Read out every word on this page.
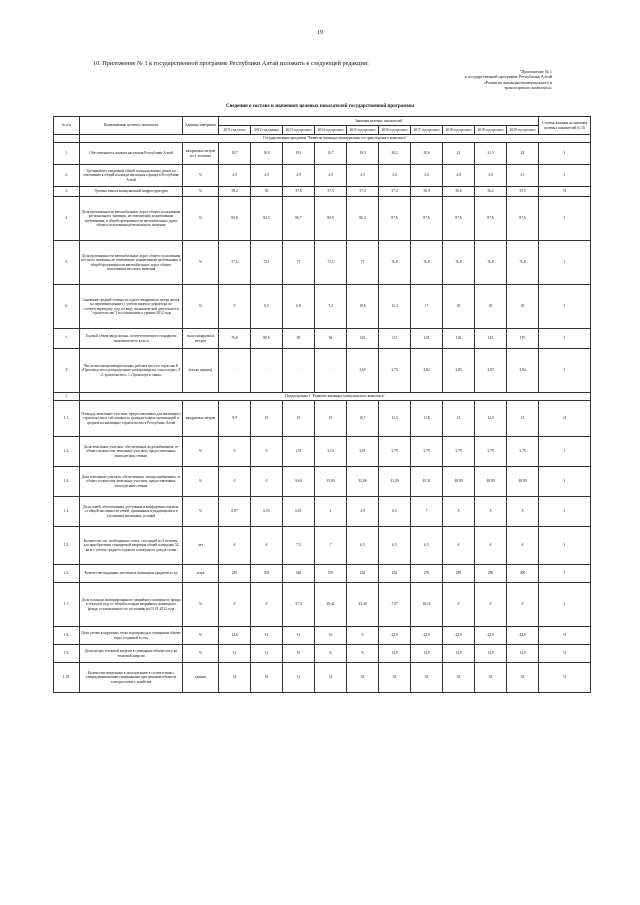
19
10. Приложение № 1 к государственной программе Республики Алтай изложить в следующей редакции:
"Приложение № 1
к государственной программе Республики Алтай
«Развитие жилищно-коммунального и
транспортного комплекса»
Сведения о составе и значениях целевых показателей государственной программы
№ п/п	Наименование целевого показателя	Единица измерения	Значения целевых показателей										Степень влияния на значения целевых показателей (I, II)
			2011 год отчет	2012 год оценка	2013 год прогноз	2014 год прогноз	2015 год прогноз	2016 год прогноз	2017 год прогноз	2018 год прогноз	2019 год прогноз	2020 год прогноз	
	Государственная программа "Развитие жилищно-коммунального и транспортного комплекса"												
1.	Обеспеченность жильем населения Республики Алтай	квадратных метров на 1 человека	18,7	18,9	19,1	19,7	19,3	20,2	20,6	21	21,5	22	I
2.	Удельный вес введенной общей площади жилых домов по отношению к общей площади жилищного фонда в Республике Алтай	%	2,0	2,0	2,9	2,0	2,5	2,6	2,6	2,8	3,0	3,1	I
3.	Уровень износа коммунальной инфраструктуры	%	58,2	56	57,8	57,5	57,4	57,2	56,9	56,6	56,2	55,5	II
4.	Доля протяженности автомобильных дорог общего пользования регионального значения, не отвечающих нормативным требованиям, в общей протяженности автомобильных дорог общего пользования регионального значения	%	83,6	83,5	80,7	80,5	80,2	87,6	87,6	87,6	87,6	87,6	I
5.	Доля протяженности автомобильных дорог общего пользования местного значения, не отвечающих нормативным требованиям, в общей протяженности автомобильных дорог общего пользования местного значения	%	57,6	72,1	71	71,5	71	76,8	76,8	76,8	76,8	76,8	I
6.	Снижение средней стоимости одного квадратного метра жилья на первичном рынке (с учетом индекса-дефлятора по соответствующему году по виду экономической деятельности "строительство") по отношению к уровню 2012 года	%	0	0,5	6,8	7,2	10,6	13,4	17	20	20	20	I
7.	Годовой объем ввода жилья, соответствующего стандартам экономического класса	тысяч квадратных метров	76,6	80,6	85	94	103	111	118	130	143	170	I
8	Число высокопроизводительных рабочих мест по отраслям Е «Производство и распределение электроэнергии, газа и воды», F «Строительство», I «Транспорт и связь»	(тысяч единиц)	-	-	-	-	2,69	2,75	2,82	2,85	2,87	3,04	I
1.	Подпрограмма 1 "Развитие жилищно-коммунального комплекса"												
1.1.	Площадь земельных участков, предоставленных для жилищного строительства в собственность граждан и иных организаций, в среднем на жилищное строительство в Республике Алтай	квадратных метров	9,9	10	10	10	10,7	11,3	11,8	12	12,3	13	II
1.2.	Доля земельных участков, обеспеченных водоснабжением, от общего количества земельных участков, предоставленных многодетным семьям	%	0	0	1,51	3,13	3,81	3,70	3,70	3,70	3,70	3,70	I
1.3.	Доля земельных участков, обеспеченных электроснабжением, от общего количества земельных участков, предоставленных многодетным семьям	%	0	0	8,63	15,00	32,86	41,20	45,31	48,90	48,90	48,90	I
1.4.	Доля семей, обеспеченных доступным и комфортным жильем, от общей численности семей, признанных нуждающимися в улучшении жилищных условий	%	0,07	0,03	0,01	2	3,9	6,5	7	8	8	8	I
1.5.	Количество лет, необходимых семье, состоящей из 3 человек, для приобретения стандартной квартиры общей площадью 54 кв.м с учетом среднего годового совокупного дохода семьи	лет	6	6	7,5	7	6,5	6,5	6,5	6	6	6	I
1.6.	Количество выданных ипотечных жилищных кредитов в год	штук	281	303	340	570	234	252	270	285	290	300	I
1.7.	Доля площади ликвидированного аварийного жилищного фонда в текущем году от общей площади аварийного жилищного фонда, установленного по состоянию на 01.01.2012 года	%	0	0	57,3	29,42	43,40	7,97	16,12	0	0	0	I
1.8.	Доля утечек в наружных сетях водопровода в суммарном объеме воды, поданной в сеть	%	12,8	12	11	10	9	22,9	22,9	22,9	22,9	22,9	II
1.9.	Доля потерь тепловой энергии в суммарном объеме отпуска тепловой энергии	%	12	11	10	9	8	14,9	14,9	14,9	14,9	14,9	II
1.10.	Количество введенных в эксплуатацию в соответствии с утвержденными инвестиционными программами объектов электросетевого хозяйства	единиц	19	16	11	14	23	23	23	23	23	23	II
